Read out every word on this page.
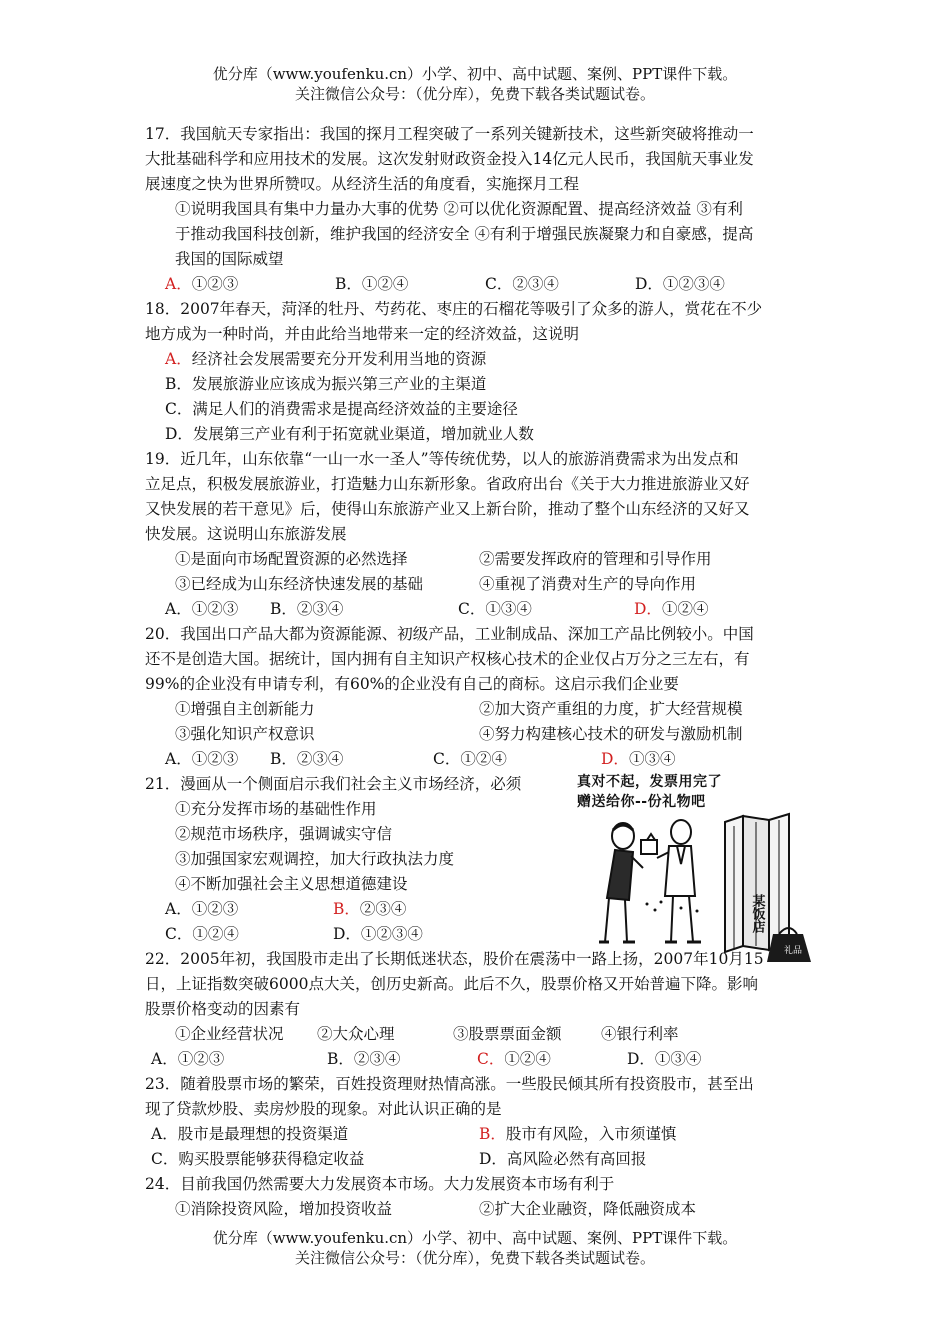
优分库（www.youfenku.cn）小学、初中、高中试题、案例、PPT课件下载。
关注微信公众号：（优分库），免费下载各类试题试卷。

17．我国航天专家指出：我国的探月工程突破了一系列关键新技术，这些新突破将推动一

大批基础科学和应用技术的发展。这次发射财政资金投入14亿元人民币，我国航天事业发

展速度之快为世界所赞叹。从经济生活的角度看，实施探月工程

①说明我国具有集中力量办大事的优势 ②可以优化资源配置、提高经济效益 ③有利

于推动我国科技创新，维护我国的经济安全 ④有利于增强民族凝聚力和自豪感，提高

我国的国际威望

A．①②③	B．①②④	C．②③④	D．①②③④

18．2007年春天，菏泽的牡丹、芍药花、枣庄的石榴花等吸引了众多的游人，赏花在不少

地方成为一种时尚，并由此给当地带来一定的经济效益，这说明

A．经济社会发展需要充分开发利用当地的资源

B．发展旅游业应该成为振兴第三产业的主渠道

C．满足人们的消费需求是提高经济效益的主要途径

D．发展第三产业有利于拓宽就业渠道，增加就业人数

19．近几年，山东依靠“一山一水一圣人”等传统优势，以人的旅游消费需求为出发点和

立足点，积极发展旅游业，打造魅力山东新形象。省政府出台《关于大力推进旅游业又好

又快发展的若干意见》后，使得山东旅游产业又上新台阶，推动了整个山东经济的又好又

快发展。这说明山东旅游发展

①是面向市场配置资源的必然选择	②需要发挥政府的管理和引导作用
③已经成为山东经济快速发展的基础	④重视了消费对生产的导向作用
A．①②③	B．②③④	C．①③④	D．①②④

20．我国出口产品大都为资源能源、初级产品，工业制成品、深加工产品比例较小。中国

还不是创造大国。据统计，国内拥有自主知识产权核心技术的企业仅占万分之三左右，有

99%的企业没有申请专利，有60%的企业没有自己的商标。这启示我们企业要

①增强自主创新能力	②加大资产重组的力度，扩大经营规模
③强化知识产权意识	④努力构建核心技术的研发与激励机制
A．①②③	B．②③④	C．①②④	D．①③④

21．漫画从一个侧面启示我们社会主义市场经济，必须

①充分发挥市场的基础性作用

②规范市场秩序，强调诚实守信

③加强国家宏观调控，加大行政执法力度

④不断加强社会主义思想道德建设

A．①②③	B．②③④
C．①②④	D．①②③④
真对不起，发票用完了
赠送给你--份礼物吧
某饭店
礼品

22．2005年初，我国股市走出了长期低迷状态，股价在震荡中一路上扬，2007年10月15

日，上证指数突破6000点大关，创历史新高。此后不久，股票价格又开始普遍下降。影响

股票价格变动的因素有

①企业经营状况	②大众心理	③股票票面金额	④银行利率
A．①②③	B．②③④	C．①②④	D．①③④

23．随着股票市场的繁荣，百姓投资理财热情高涨。一些股民倾其所有投资股市，甚至出

现了贷款炒股、卖房炒股的现象。对此认识正确的是

A．股市是最理想的投资渠道	B．股市有风险，入市须谨慎
C．购买股票能够获得稳定收益	D．高风险必然有高回报

24．目前我国仍然需要大力发展资本市场。大力发展资本市场有利于

①消除投资风险，增加投资收益	②扩大企业融资，降低融资成本
优分库（www.youfenku.cn）小学、初中、高中试题、案例、PPT课件下载。
关注微信公众号：（优分库），免费下载各类试题试卷。
